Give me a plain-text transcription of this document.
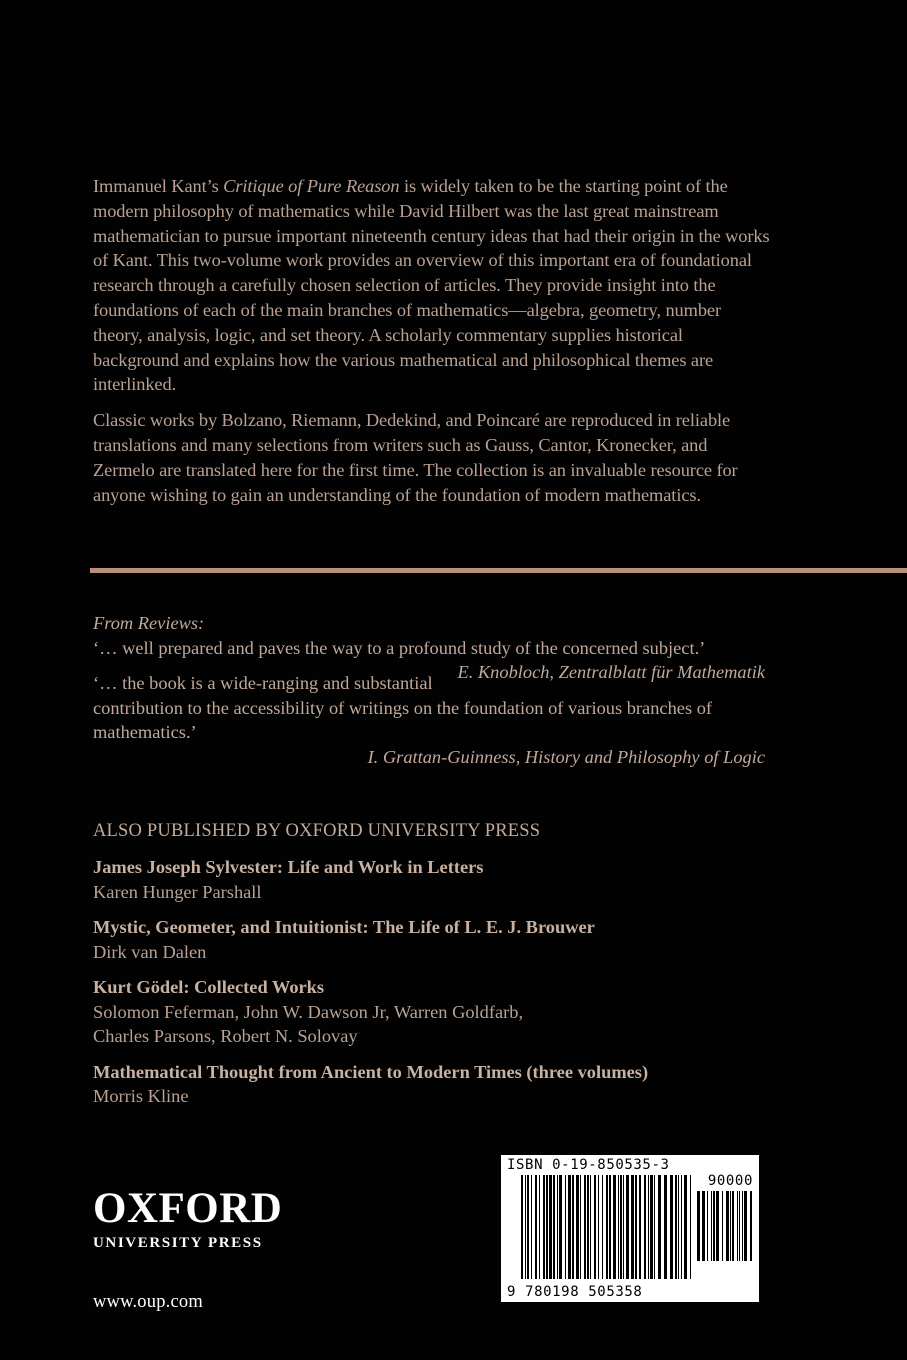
Immanuel Kant’s Critique of Pure Reason is widely taken to be the starting point of the modern philosophy of mathematics while David Hilbert was the last great mainstream mathematician to pursue important nineteenth century ideas that had their origin in the works of Kant. This two-volume work provides an overview of this important era of foundational research through a carefully chosen selection of articles. They provide insight into the foundations of each of the main branches of mathematics—algebra, geometry, number theory, analysis, logic, and set theory. A scholarly commentary supplies historical background and explains how the various mathematical and philosophical themes are interlinked.

Classic works by Bolzano, Riemann, Dedekind, and Poincaré are reproduced in reliable translations and many selections from writers such as Gauss, Cantor, Kronecker, and Zermelo are translated here for the first time. The collection is an invaluable resource for anyone wishing to gain an understanding of the foundation of modern mathematics.

From Reviews:
‘… well prepared and paves the way to a profound study of the concerned subject.’
E. Knobloch, Zentralblatt für Mathematik
‘… the book is a wide-ranging and substantial contribution to the accessibility of writings on the foundation of various branches of mathematics.’
I. Grattan-Guinness, History and Philosophy of Logic
ALSO PUBLISHED BY OXFORD UNIVERSITY PRESS
James Joseph Sylvester: Life and Work in Letters
Karen Hunger Parshall
Mystic, Geometer, and Intuitionist: The Life of L. E. J. Brouwer
Dirk van Dalen
Kurt Gödel: Collected Works
Solomon Feferman, John W. Dawson Jr, Warren Goldfarb, Charles Parsons, Robert N. Solovay
Mathematical Thought from Ancient to Modern Times (three volumes)
Morris Kline
OXFORD
UNIVERSITY PRESS
www.oup.com
ISBN 0-19-850535-3
90000
9 780198 505358
